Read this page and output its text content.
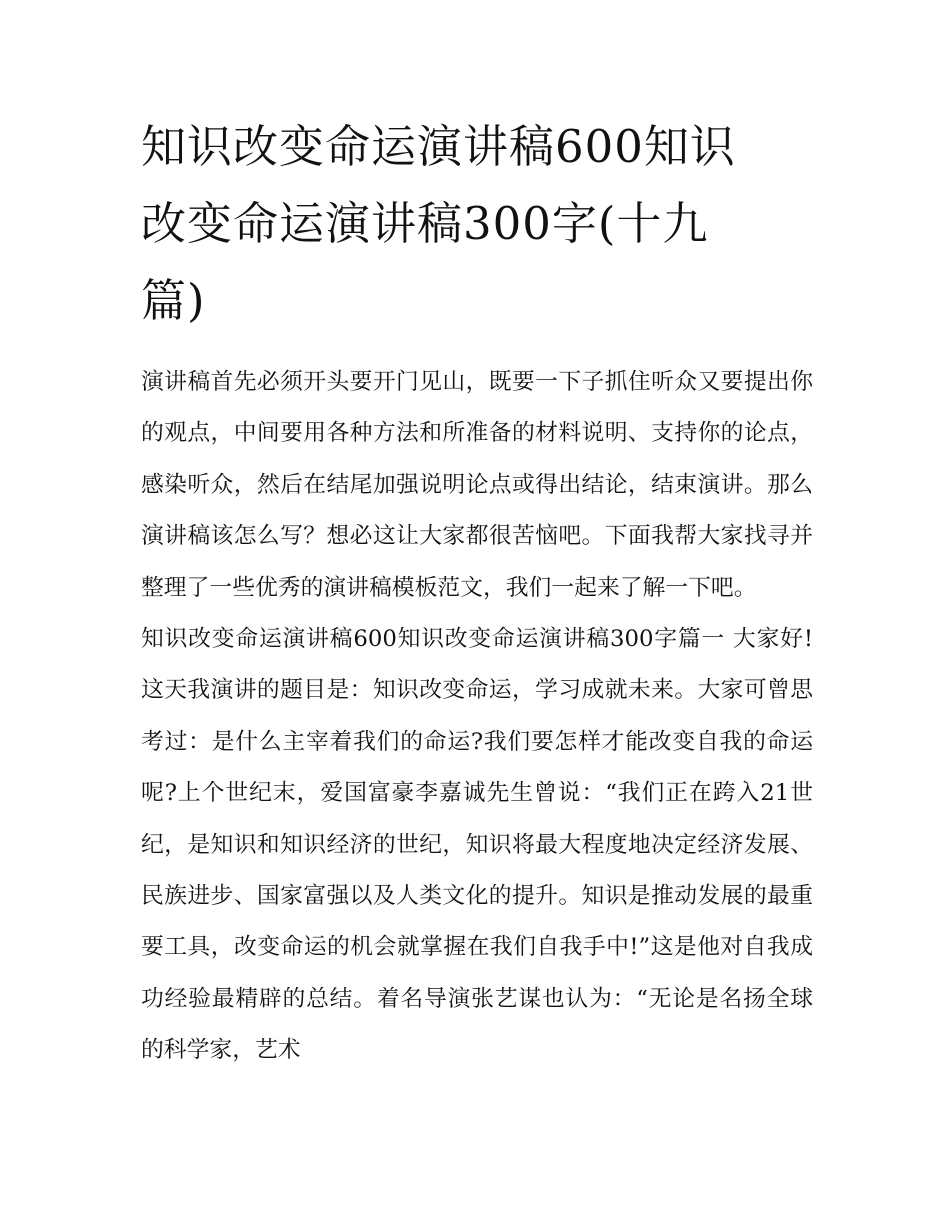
知识改变命运演讲稿600知识
改变命运演讲稿300字(十九
篇)

演讲稿首先必须开头要开门见山，既要一下子抓住听众又要提出你的观点，中间要用各种方法和所准备的材料说明、支持你的论点，感染听众，然后在结尾加强说明论点或得出结论，结束演讲。那么演讲稿该怎么写？想必这让大家都很苦恼吧。下面我帮大家找寻并整理了一些优秀的演讲稿模板范文，我们一起来了解一下吧。

知识改变命运演讲稿600知识改变命运演讲稿300字篇一 大家好! 这天我演讲的题目是：知识改变命运，学习成就未来。大家可曾思考过：是什么主宰着我们的命运?我们要怎样才能改变自我的命运呢?上个世纪末，爱国富豪李嘉诚先生曾说：“我们正在跨入21世纪，是知识和知识经济的世纪，知识将最大程度地决定经济发展、民族进步、国家富强以及人类文化的提升。知识是推动发展的最重要工具，改变命运的机会就掌握在我们自我手中!”这是他对自我成功经验最精辟的总结。着名导演张艺谋也认为：“无论是名扬全球的科学家，艺术
